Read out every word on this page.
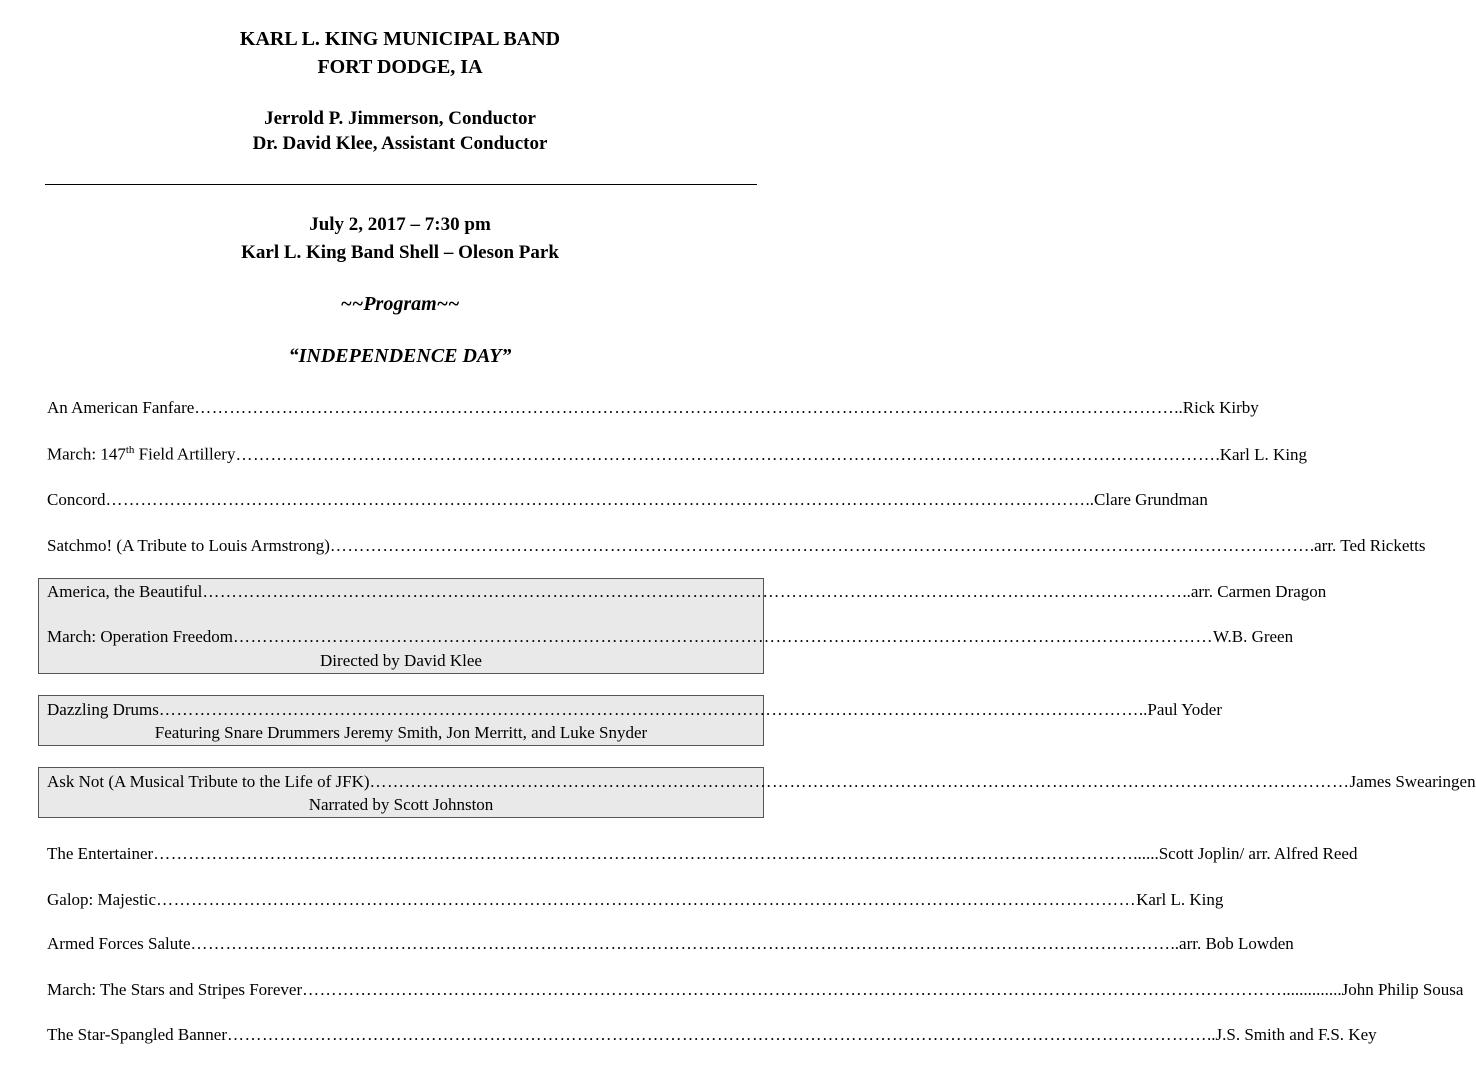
KARL L. KING MUNICIPAL BAND
FORT DODGE, IA
Jerrold P. Jimmerson, Conductor
Dr. David Klee, Assistant Conductor
July 2, 2017 – 7:30 pm
Karl L. King Band Shell – Oleson Park
~~Program~~
“INDEPENDENCE DAY”
An American Fanfare …………………………………………………………………………………………………………………………………………………… ..Rick Kirby
March: 147th Field Artillery …………………………………………………………………………………………………………………………………………………… .Karl L. King
Concord …………………………………………………………………………………………………………………………………………………… ..Clare Grundman
Satchmo! (A Tribute to Louis Armstrong) …………………………………………………………………………………………………………………………………………………… .arr. Ted Ricketts
America, the Beautiful …………………………………………………………………………………………………………………………………………………… ..arr. Carmen Dragon
March: Operation Freedom …………………………………………………………………………………………………………………………………………………… W.B. Green
Directed by David Klee
Dazzling Drums …………………………………………………………………………………………………………………………………………………… ..Paul Yoder
Featuring Snare Drummers Jeremy Smith, Jon Merritt, and Luke Snyder
Ask Not (A Musical Tribute to the Life of JFK) …………………………………………………………………………………………………………………………………………………… James Swearingen
Narrated by Scott Johnston
The Entertainer …………………………………………………………………………………………………………………………………………………… ......Scott Joplin/ arr. Alfred Reed
Galop: Majestic …………………………………………………………………………………………………………………………………………………… Karl L. King
Armed Forces Salute …………………………………………………………………………………………………………………………………………………… ..arr. Bob Lowden
March: The Stars and Stripes Forever …………………………………………………………………………………………………………………………………………………… ..............John Philip Sousa
The Star-Spangled Banner …………………………………………………………………………………………………………………………………………………… ..J.S. Smith and F.S. Key
